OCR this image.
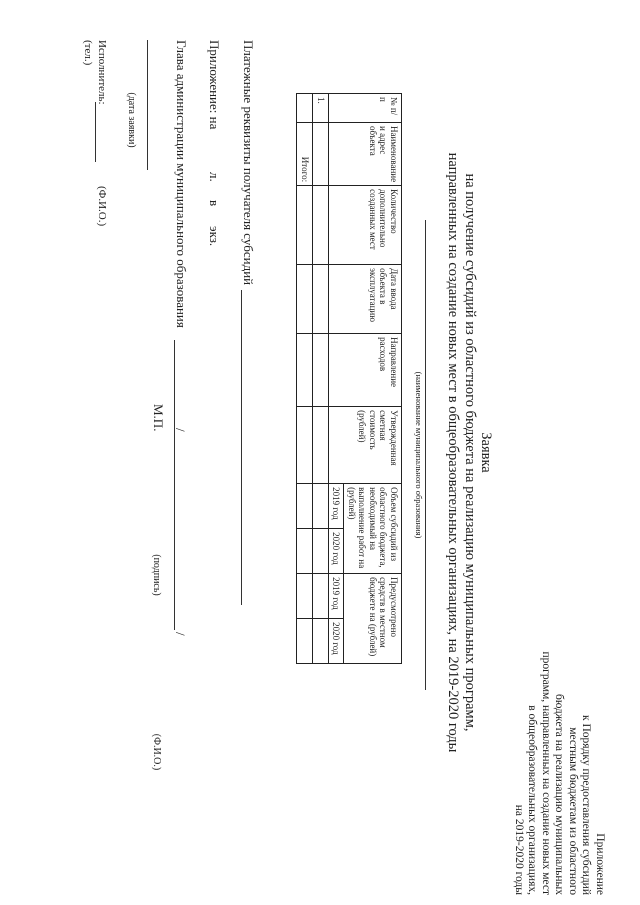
Приложение
к Порядку предоставления субсидий
местным бюджетам из областного
бюджета на реализацию муниципальных
программ, направленных на создание новых мест
в общеобразовательных организациях,
на 2019-2020 годы
Заявка
на получение субсидий из областного бюджета на реализацию муниципальных программ,
направленных на создание новых мест в общеобразовательных организациях, на 2019-2020 годы
(наименование муниципального образования)
№ п/п	Наименование и адрес объекта	Количество дополнительно созданных мест	Дата ввода объекта в эксплуатацию	Направление расходов	Утвержденная сметная стоимость (рублей)	Объем субсидий из областного бюджета, необходимый на выполнение работ на (рублей)		Предусмотрено средств в местном бюджете на (рублей)	
						2019 год	2020 год	2019 год	2020 год
1.									
	Итого:								
Платежные реквизиты получателя субсидий
Приложение: на
л.
в
экз.
Глава администрации муниципального образования
М.П.
(подпись)
/
/
(Ф.И.О.)
(дата заявки)
Исполнитель:
(Ф.И.О.)
(тел.)
